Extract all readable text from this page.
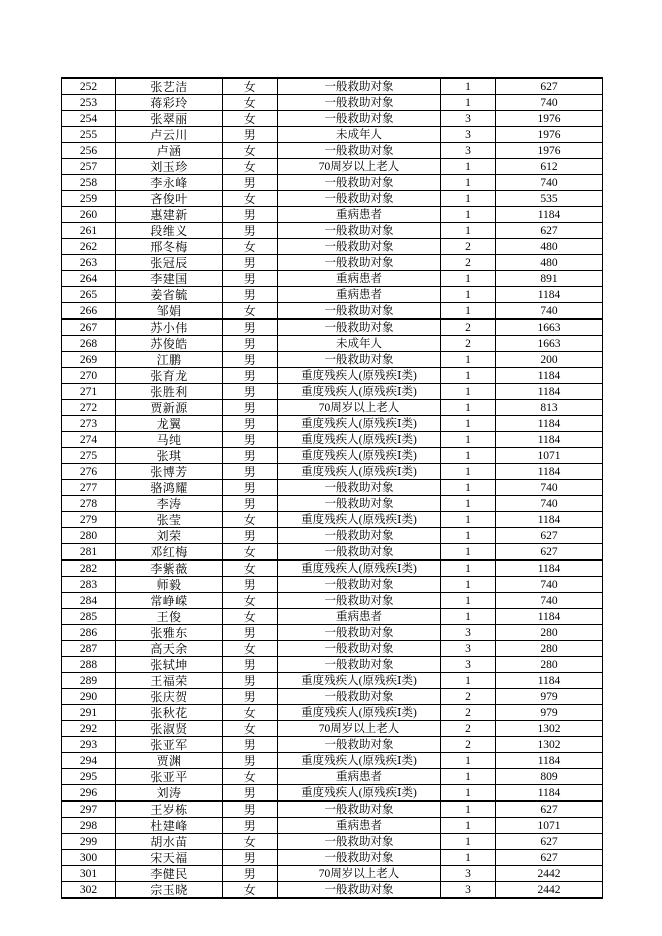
252	张艺洁	女	一般救助对象	1	627
253	蒋彩玲	女	一般救助对象	1	740
254	张翠丽	女	一般救助对象	3	1976
255	卢云川	男	未成年人	3	1976
256	卢涵	女	一般救助对象	3	1976
257	刘玉珍	女	70周岁以上老人	1	612
258	李永峰	男	一般救助对象	1	740
259	吝俊叶	女	一般救助对象	1	535
260	惠建新	男	重病患者	1	1184
261	段维义	男	一般救助对象	1	627
262	邢冬梅	女	一般救助对象	2	480
263	张冠辰	男	一般救助对象	2	480
264	李建国	男	重病患者	1	891
265	姜省毓	男	重病患者	1	1184
266	邹娟	女	一般救助对象	1	740
267	苏小伟	男	一般救助对象	2	1663
268	苏俊皓	男	未成年人	2	1663
269	江鹏	男	一般救助对象	1	200
270	张育龙	男	重度残疾人(原残疾Ⅰ类)	1	1184
271	张胜利	男	重度残疾人(原残疾Ⅰ类)	1	1184
272	贾新源	男	70周岁以上老人	1	813
273	龙翼	男	重度残疾人(原残疾Ⅰ类)	1	1184
274	马纯	男	重度残疾人(原残疾Ⅰ类)	1	1184
275	张琪	男	重度残疾人(原残疾Ⅰ类)	1	1071
276	张博芳	男	重度残疾人(原残疾Ⅰ类)	1	1184
277	骆鸿耀	男	一般救助对象	1	740
278	李涛	男	一般救助对象	1	740
279	张莹	女	重度残疾人(原残疾Ⅰ类)	1	1184
280	刘荣	男	一般救助对象	1	627
281	邓红梅	女	一般救助对象	1	627
282	李紫薇	女	重度残疾人(原残疾Ⅰ类)	1	1184
283	师毅	男	一般救助对象	1	740
284	常峥嵘	女	一般救助对象	1	740
285	王俊	女	重病患者	1	1184
286	张雅东	男	一般救助对象	3	280
287	高天余	女	一般救助对象	3	280
288	张轼坤	男	一般救助对象	3	280
289	王福荣	男	重度残疾人(原残疾Ⅰ类)	1	1184
290	张庆贺	男	一般救助对象	2	979
291	张秋花	女	重度残疾人(原残疾Ⅰ类)	2	979
292	张淑贤	女	70周岁以上老人	2	1302
293	张亚军	男	一般救助对象	2	1302
294	贾渊	男	重度残疾人(原残疾Ⅰ类)	1	1184
295	张亚平	女	重病患者	1	809
296	刘涛	男	重度残疾人(原残疾Ⅰ类)	1	1184
297	王岁栋	男	一般救助对象	1	627
298	杜建峰	男	重病患者	1	1071
299	胡水苗	女	一般救助对象	1	627
300	宋天福	男	一般救助对象	1	627
301	李健民	男	70周岁以上老人	3	2442
302	宗玉晓	女	一般救助对象	3	2442
